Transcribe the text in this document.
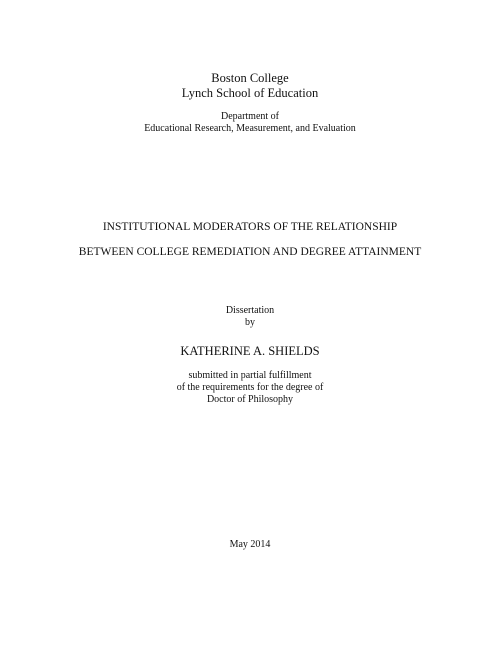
Boston College
Lynch School of Education
Department of
Educational Research, Measurement, and Evaluation
INSTITUTIONAL MODERATORS OF THE RELATIONSHIP
BETWEEN COLLEGE REMEDIATION AND DEGREE ATTAINMENT
Dissertation
by
KATHERINE A. SHIELDS
submitted in partial fulfillment
of the requirements for the degree of
Doctor of Philosophy
May 2014
